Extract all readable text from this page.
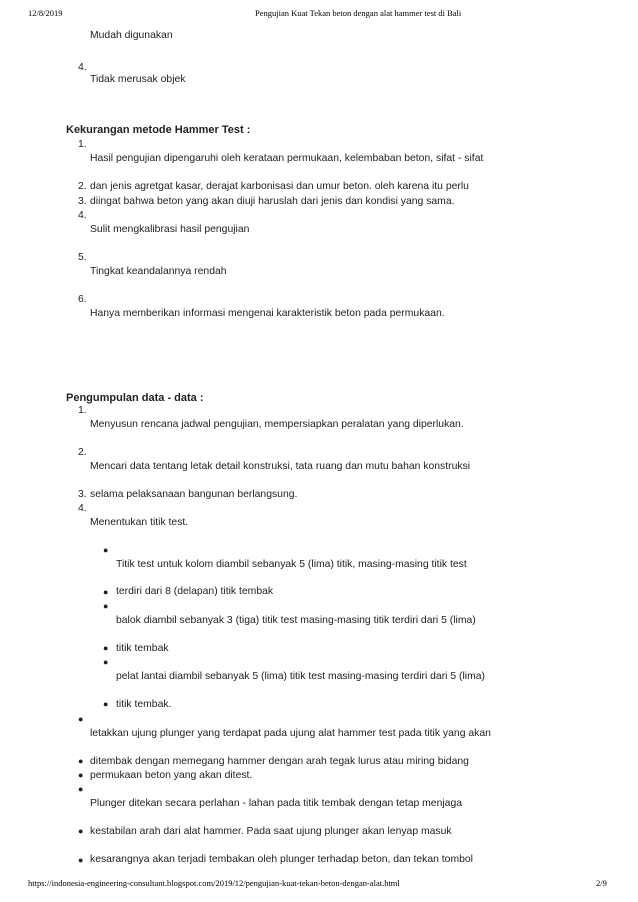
12/8/2019	Pengujian Kuat Tekan beton dengan alat hammer test di Bali
Mudah digunakan
4.
Tidak merusak objek
Kekurangan metode Hammer Test :
1.
Hasil pengujian dipengaruhi oleh kerataan permukaan, kelembaban beton, sifat - sifat
2. dan jenis agretgat kasar, derajat karbonisasi dan umur beton. oleh karena itu perlu
3. diingat bahwa beton yang akan diuji haruslah dari jenis dan kondisi yang sama.
4.
Sulit mengkalibrasi hasil pengujian
5.
Tingkat keandalannya rendah
6.
Hanya memberikan informasi mengenai karakteristik beton pada permukaan.
Pengumpulan data - data :
1.
Menyusun rencana jadwal pengujian, mempersiapkan peralatan yang diperlukan.
2.
Mencari data tentang letak detail konstruksi, tata ruang dan mutu bahan konstruksi
3. selama pelaksanaan bangunan berlangsung.
4.
Menentukan titik test.
●
Titik test untuk kolom diambil sebanyak 5 (lima) titik, masing-masing titik test
● terdiri dari 8 (delapan) titik tembak
●
balok diambil sebanyak 3 (tiga) titik test masing-masing titik terdiri dari 5 (lima)
● titik tembak
●
pelat lantai diambil sebanyak 5 (lima) titik test masing-masing terdiri dari 5 (lima)
● titik tembak.
●
letakkan ujung plunger yang terdapat pada ujung alat hammer test pada titik yang akan
● ditembak dengan memegang hammer dengan arah tegak lurus atau miring bidang
● permukaan beton yang akan ditest.
●
Plunger ditekan secara perlahan - lahan pada titik tembak dengan tetap menjaga
● kestabilan arah dari alat hammer. Pada saat ujung plunger akan lenyap masuk
● kesarangnya akan terjadi tembakan oleh plunger terhadap beton, dan tekan tombol
https://indonesia-engineering-consultant.blogspot.com/2019/12/pengujian-kuat-tekan-beton-dengan-alat.html	2/9
